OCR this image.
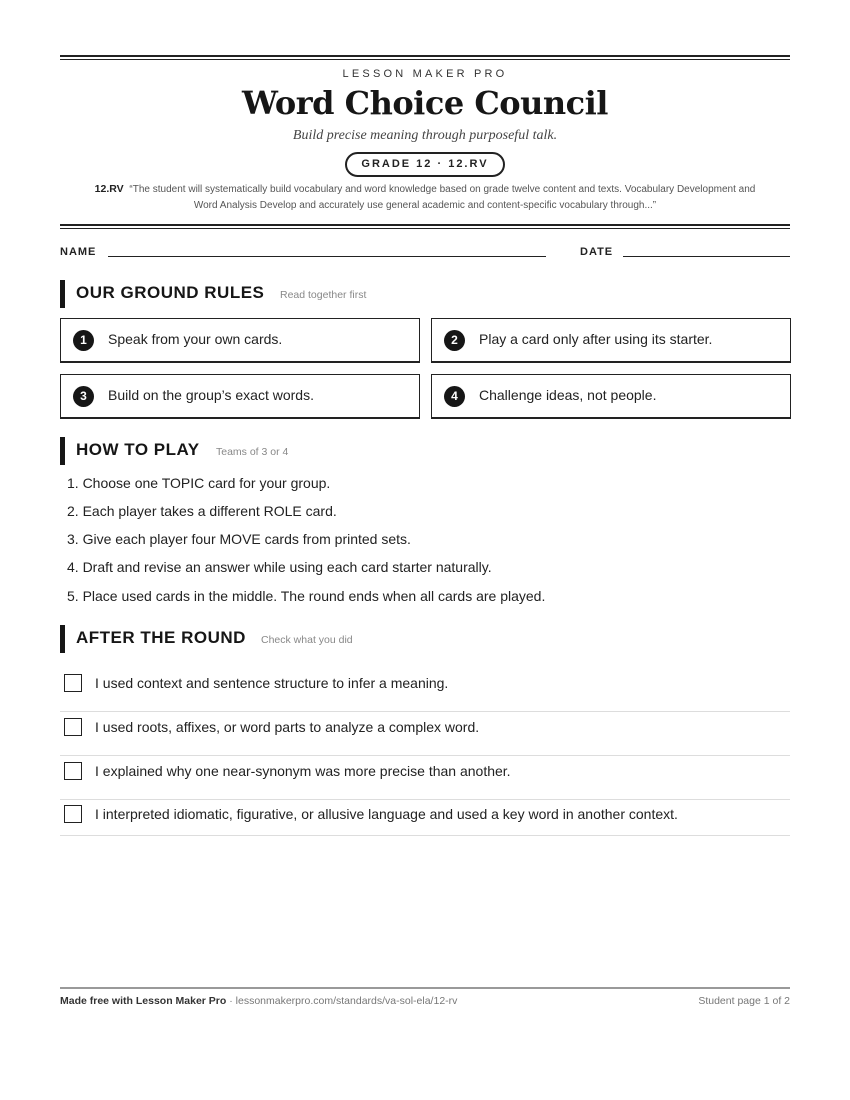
LESSON MAKER PRO
Word Choice Council
Build precise meaning through purposeful talk.
GRADE 12 · 12.RV
12.RV “The student will systematically build vocabulary and word knowledge based on grade twelve content and texts. Vocabulary Development and Word Analysis Develop and accurately use general academic and content-specific vocabulary through...”
NAME	DATE
OUR GROUND RULES Read together first
1	Speak from your own cards.	2	Play a card only after using its starter.
3	Build on the group’s exact words.	4	Challenge ideas, not people.
HOW TO PLAY Teams of 3 or 4
1. Choose one TOPIC card for your group.
2. Each player takes a different ROLE card.
3. Give each player four MOVE cards from printed sets.
4. Draft and revise an answer while using each card starter naturally.
5. Place used cards in the middle. The round ends when all cards are played.
AFTER THE ROUND Check what you did
I used context and sentence structure to infer a meaning.
I used roots, affixes, or word parts to analyze a complex word.
I explained why one near-synonym was more precise than another.
I interpreted idiomatic, figurative, or allusive language and used a key word in another context.
Made free with Lesson Maker Pro · lessonmakerpro.com/standards/va-sol-ela/12-rv	Student page 1 of 2
